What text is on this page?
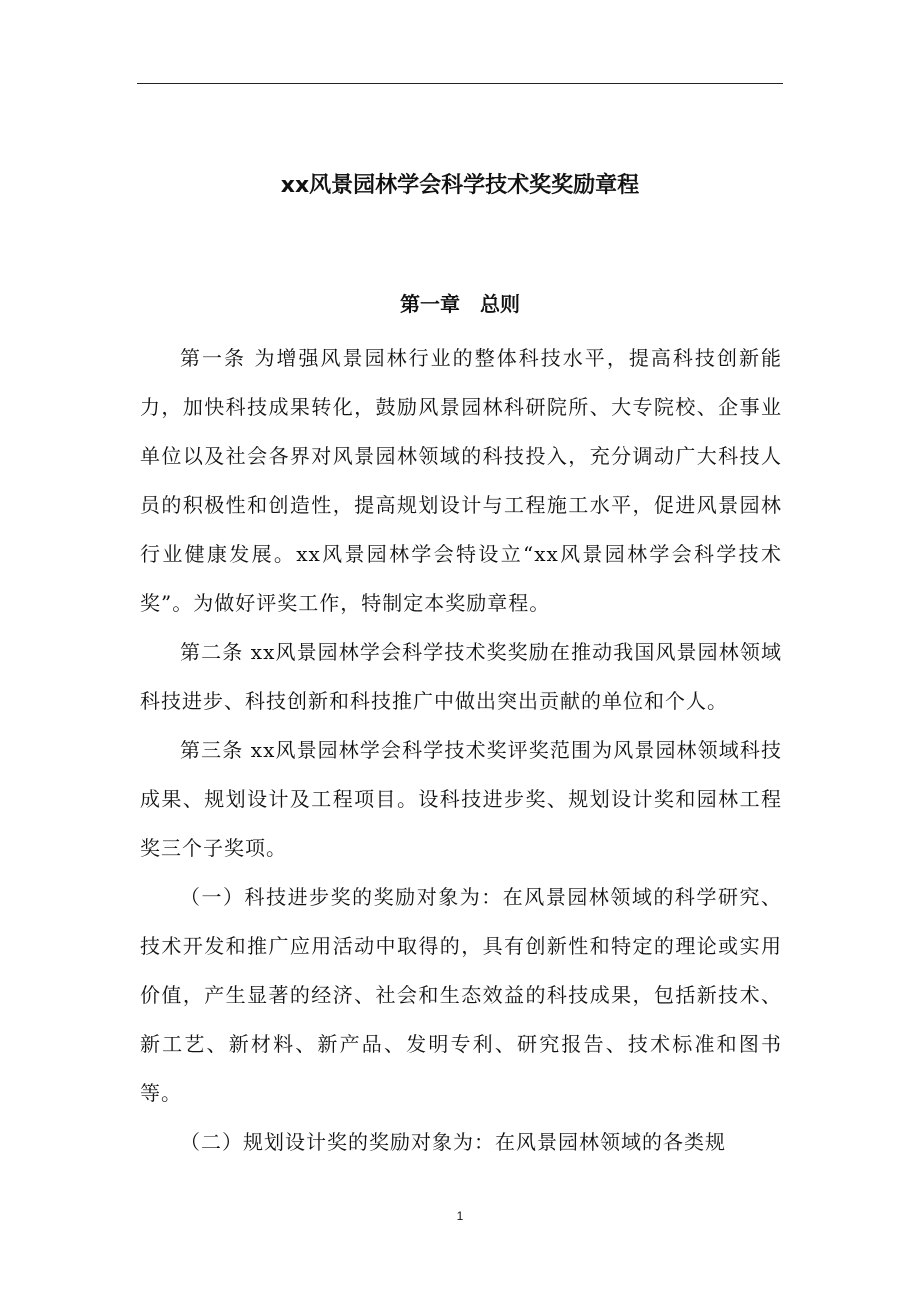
xx风景园林学会科学技术奖奖励章程
第一章　总则

第一条 为增强风景园林行业的整体科技水平，提高科技创新能力，加快科技成果转化，鼓励风景园林科研院所、大专院校、企事业单位以及社会各界对风景园林领域的科技投入，充分调动广大科技人员的积极性和创造性，提高规划设计与工程施工水平，促进风景园林行业健康发展。xx风景园林学会特设立“xx风景园林学会科学技术奖”。为做好评奖工作，特制定本奖励章程。

第二条 xx风景园林学会科学技术奖奖励在推动我国风景园林领域科技进步、科技创新和科技推广中做出突出贡献的单位和个人。

第三条 xx风景园林学会科学技术奖评奖范围为风景园林领域科技成果、规划设计及工程项目。设科技进步奖、规划设计奖和园林工程奖三个子奖项。

（一）科技进步奖的奖励对象为：在风景园林领域的科学研究、技术开发和推广应用活动中取得的，具有创新性和特定的理论或实用价值，产生显著的经济、社会和生态效益的科技成果，包括新技术、新工艺、新材料、新产品、发明专利、研究报告、技术标准和图书等。

（二）规划设计奖的奖励对象为：在风景园林领域的各类规

1
